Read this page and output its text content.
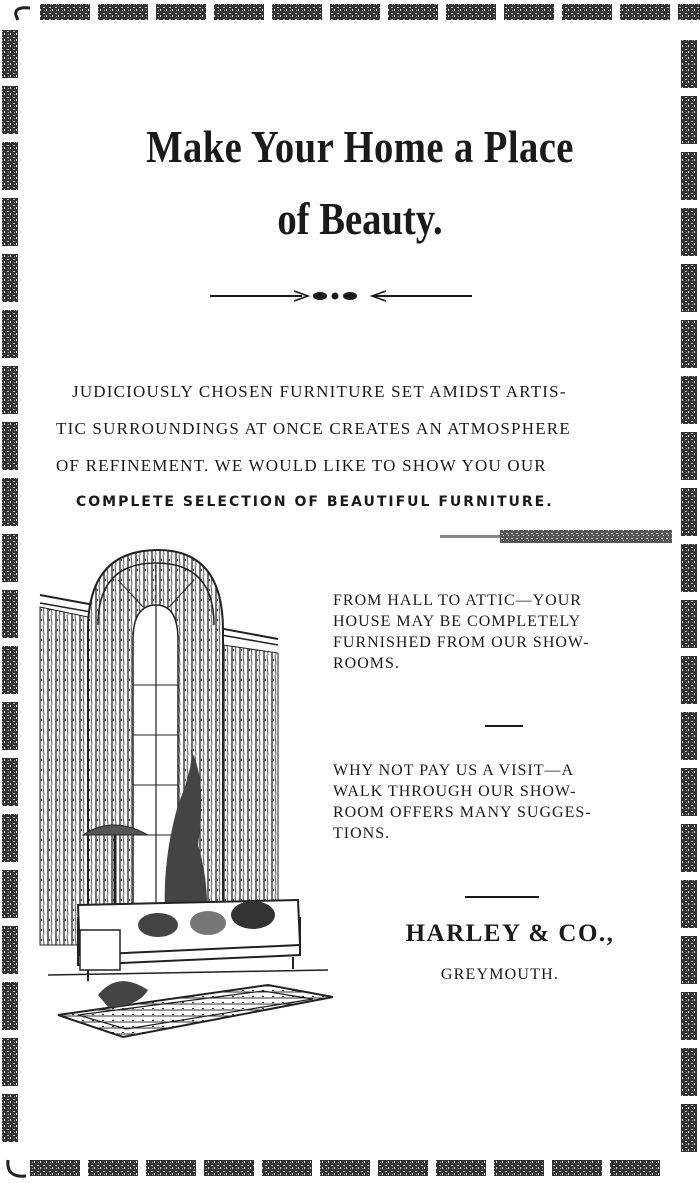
Make Your Home a Place
of Beauty.
JUDICIOUSLY CHOSEN FURNITURE SET AMIDST ARTIS-
TIC SURROUNDINGS AT ONCE CREATES AN ATMOSPHERE
OF REFINEMENT. WE WOULD LIKE TO SHOW YOU OUR
COMPLETE SELECTION OF BEAUTIFUL FURNITURE.
FROM HALL TO ATTIC—YOUR
HOUSE MAY BE COMPLETELY
FURNISHED FROM OUR SHOW-
ROOMS.
WHY NOT PAY US A VISIT—A
WALK THROUGH OUR SHOW-
ROOM OFFERS MANY SUGGES-
TIONS.
HARLEY & CO.,
GREYMOUTH.
